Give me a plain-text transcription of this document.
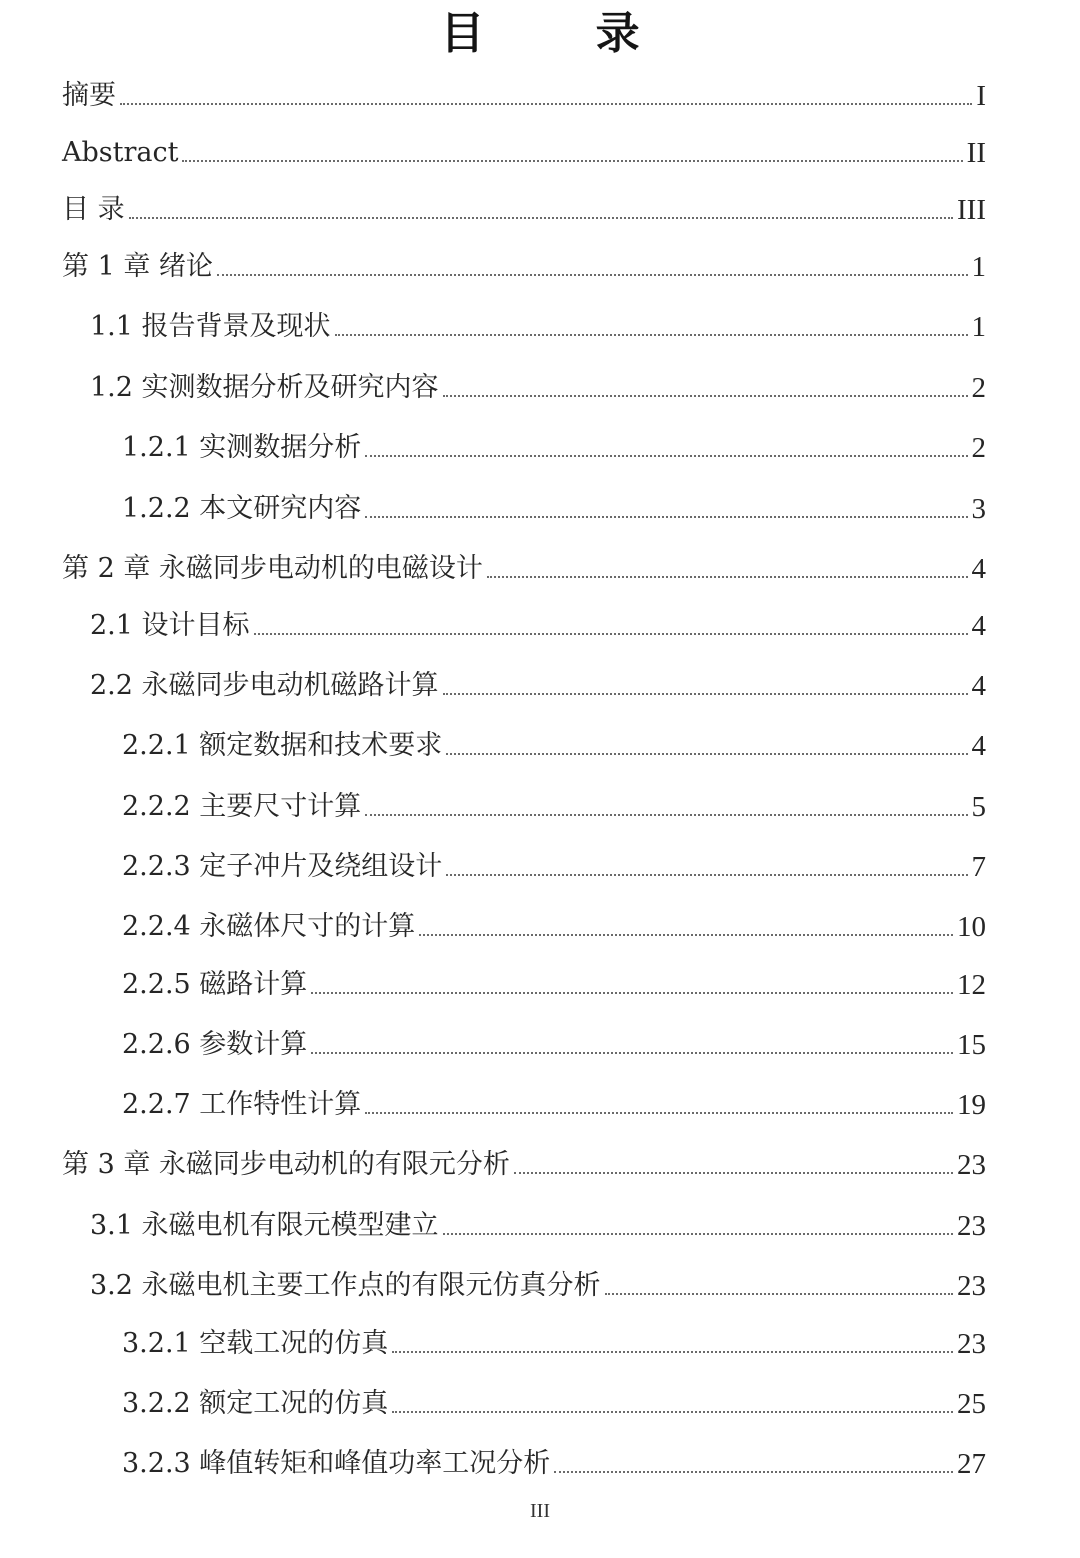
目 录
摘要	I
Abstract	II
目 录	III
第 1 章 绪论	1
1.1 报告背景及现状	1
1.2 实测数据分析及研究内容	2
1.2.1 实测数据分析	2
1.2.2 本文研究内容	3
第 2 章 永磁同步电动机的电磁设计	4
2.1 设计目标	4
2.2 永磁同步电动机磁路计算	4
2.2.1 额定数据和技术要求	4
2.2.2 主要尺寸计算	5
2.2.3 定子冲片及绕组设计	7
2.2.4 永磁体尺寸的计算	10
2.2.5 磁路计算	12
2.2.6 参数计算	15
2.2.7 工作特性计算	19
第 3 章 永磁同步电动机的有限元分析	23
3.1 永磁电机有限元模型建立	23
3.2 永磁电机主要工作点的有限元仿真分析	23
3.2.1 空载工况的仿真	23
3.2.2 额定工况的仿真	25
3.2.3 峰值转矩和峰值功率工况分析	27
III
